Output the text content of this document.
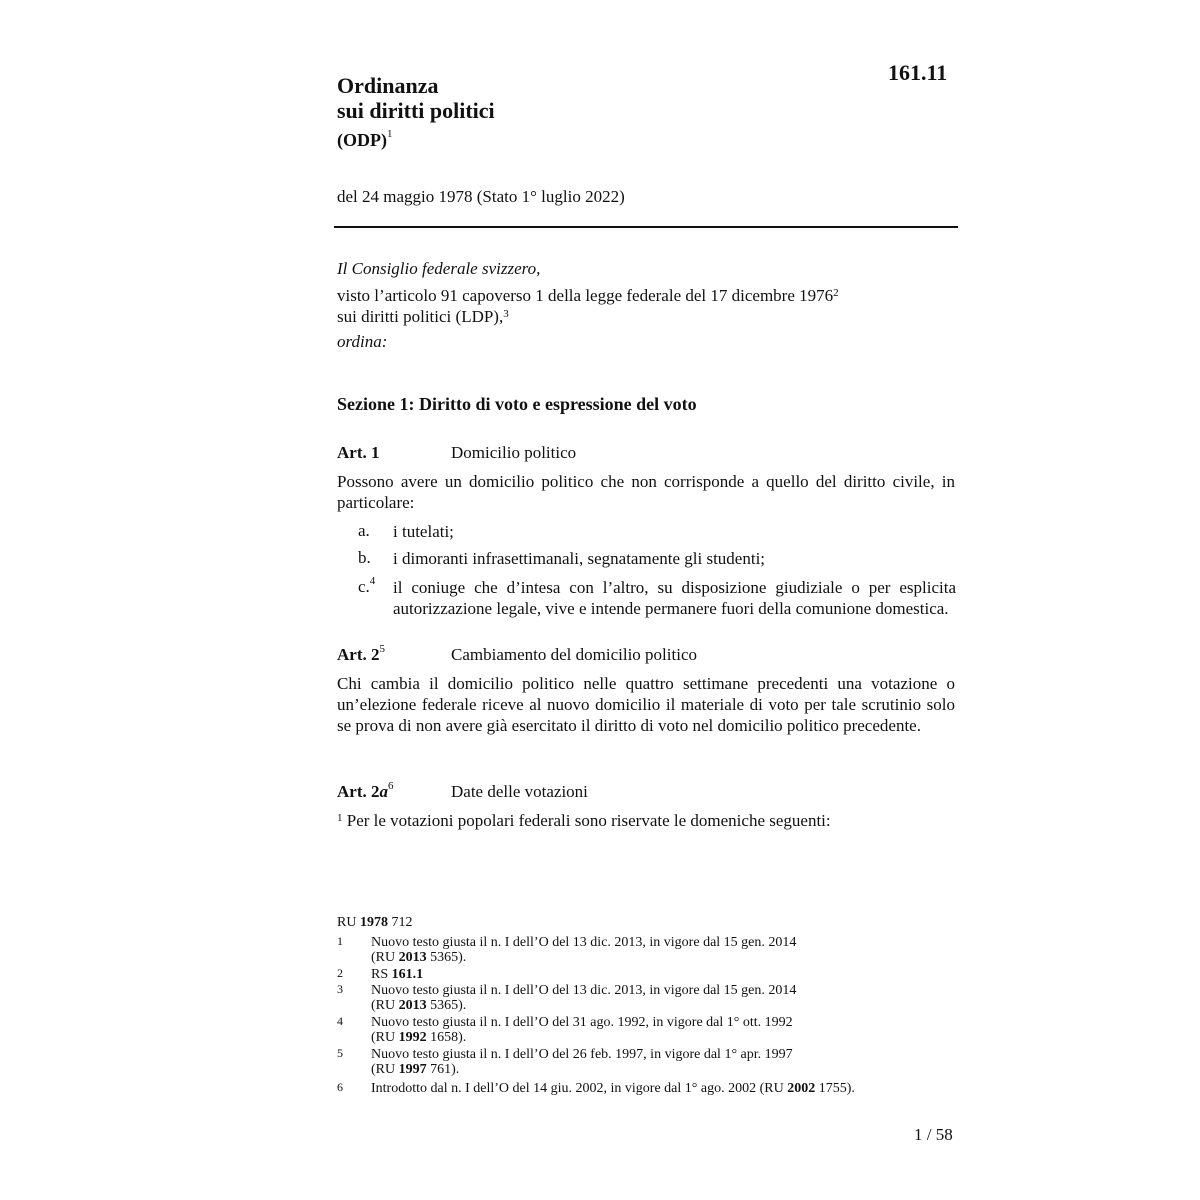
161.11
Ordinanza
sui diritti politici
(ODP)$^1$
del 24 maggio 1978 (Stato 1° luglio 2022)
Il Consiglio federale svizzero,
visto l’articolo 91 capoverso 1 della legge federale del 17 dicembre 1976$^2$
sui diritti politici (LDP),$^3$
ordina:
Sezione 1: Diritto di voto e espressione del voto
Art. 1	Domicilio politico
Possono avere un domicilio politico che non corrisponde a quello del diritto civile, in particolare:
a.	i tutelati;
b.	i dimoranti infrasettimanali, segnatamente gli studenti;
c.$^4$	il coniuge che d’intesa con l’altro, su disposizione giudiziale o per esplicita autorizzazione legale, vive e intende permanere fuori della comunione domestica.
Art. $2^5$	Cambiamento del domicilio politico
Chi cambia il domicilio politico nelle quattro settimane precedenti una votazione o un’elezione federale riceve al nuovo domicilio il materiale di voto per tale scrutinio solo se prova di non avere già esercitato il diritto di voto nel domicilio politico precedente.
Art. $2a^6$	Date delle votazioni
$^1$ Per le votazioni popolari federali sono riservate le domeniche seguenti:
RU 1978 712
1 Nuovo testo giusta il n. I dell’O del 13 dic. 2013, in vigore dal 15 gen. 2014
(RU 2013 5365).
2 RS 161.1
3 Nuovo testo giusta il n. I dell’O del 13 dic. 2013, in vigore dal 15 gen. 2014
(RU 2013 5365).
4 Nuovo testo giusta il n. I dell’O del 31 ago. 1992, in vigore dal 1° ott. 1992
(RU 1992 1658).
5 Nuovo testo giusta il n. I dell’O del 26 feb. 1997, in vigore dal 1° apr. 1997
(RU 1997 761).
6 Introdotto dal n. I dell’O del 14 giu. 2002, in vigore dal 1° ago. 2002 (RU 2002 1755).
1 / 58
